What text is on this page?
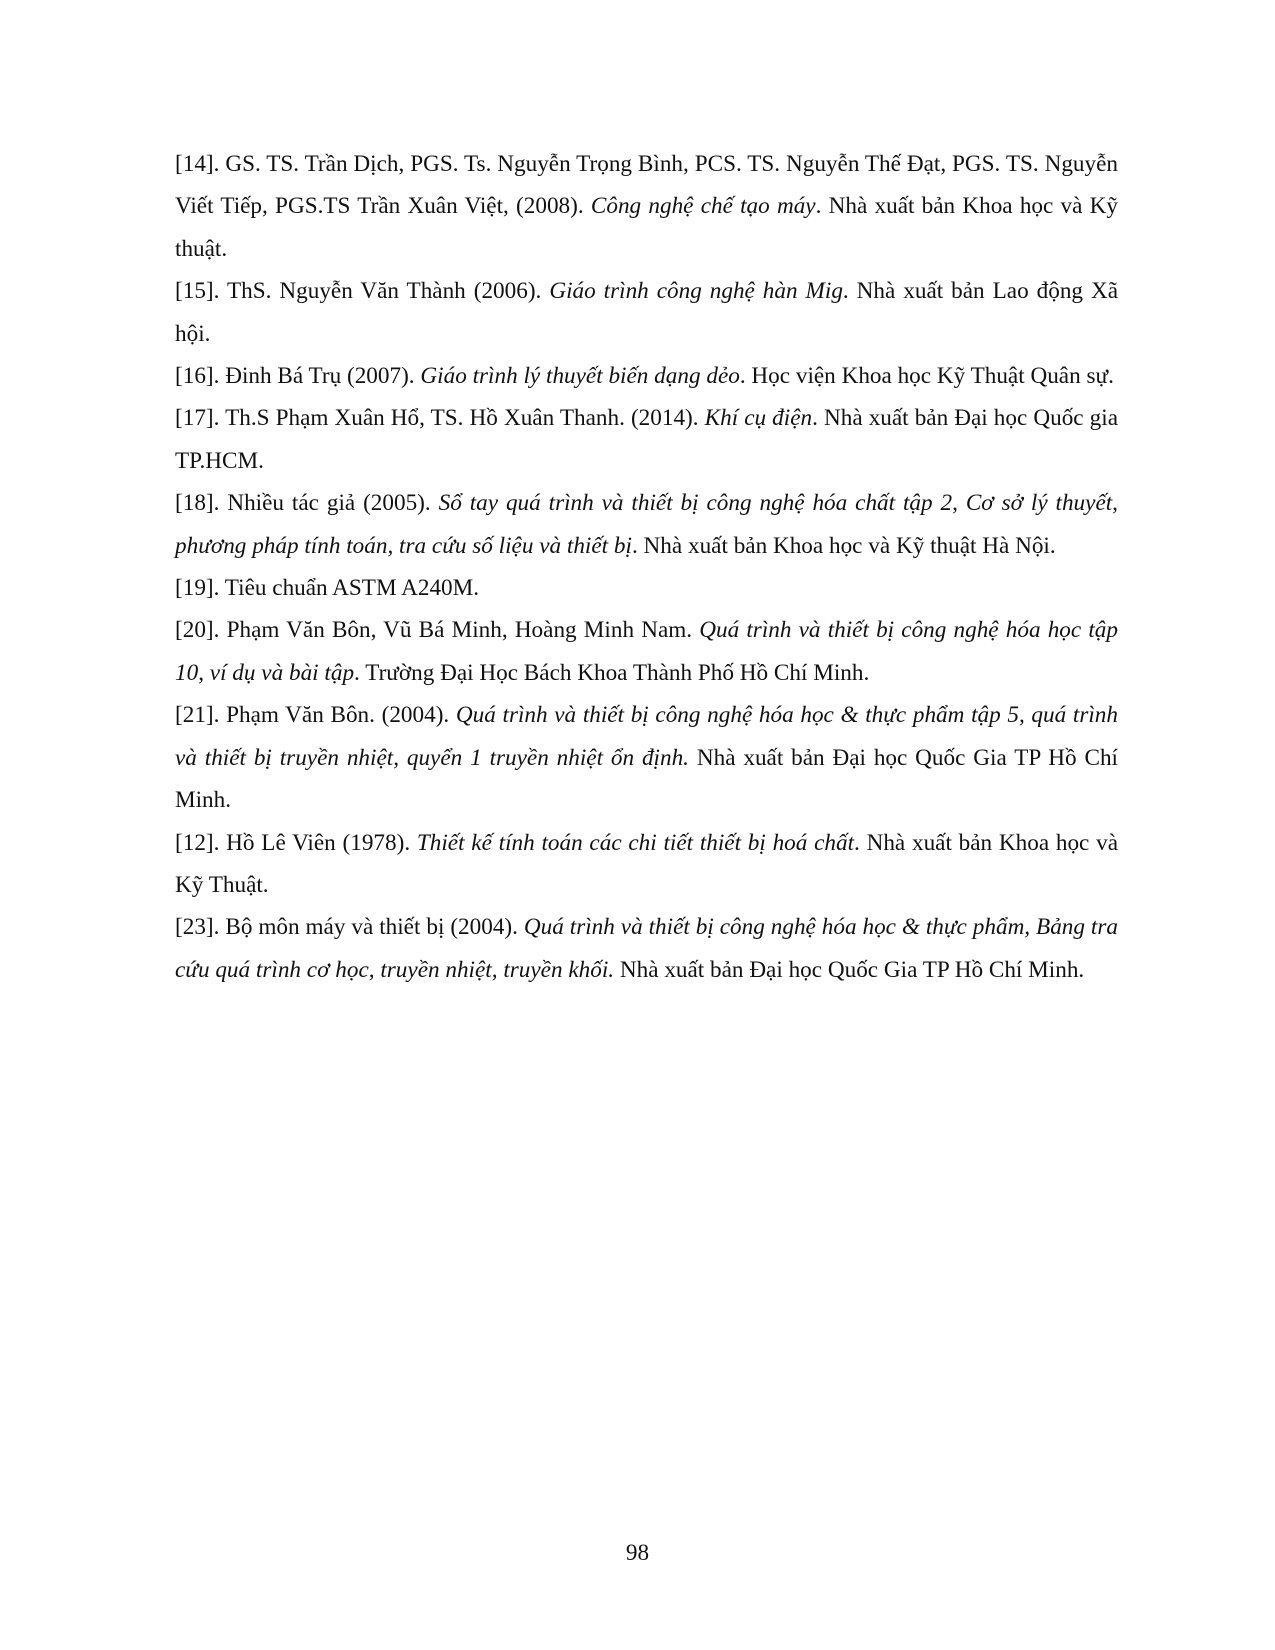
[14]. GS. TS. Trần Dịch, PGS. Ts. Nguyễn Trọng Bình, PCS. TS. Nguyễn Thế Đạt, PGS. TS. Nguyễn Viết Tiếp, PGS.TS Trần Xuân Việt, (2008). Công nghệ chế tạo máy. Nhà xuất bản Khoa học và Kỹ thuật.

[15]. ThS. Nguyễn Văn Thành (2006). Giáo trình công nghệ hàn Mig. Nhà xuất bản Lao động Xã hội.

[16]. Đinh Bá Trụ (2007). Giáo trình lý thuyết biến dạng dẻo. Học viện Khoa học Kỹ Thuật Quân sự.

[17]. Th.S Phạm Xuân Hổ, TS. Hồ Xuân Thanh. (2014). Khí cụ điện. Nhà xuất bản Đại học Quốc gia TP.HCM.

[18]. Nhiều tác giả (2005). Sổ tay quá trình và thiết bị công nghệ hóa chất tập 2, Cơ sở lý thuyết, phương pháp tính toán, tra cứu số liệu và thiết bị. Nhà xuất bản Khoa học và Kỹ thuật Hà Nội.

[19]. Tiêu chuẩn ASTM A240M.

[20]. Phạm Văn Bôn, Vũ Bá Minh, Hoàng Minh Nam. Quá trình và thiết bị công nghệ hóa học tập 10, ví dụ và bài tập. Trường Đại Học Bách Khoa Thành Phố Hồ Chí Minh.

[21]. Phạm Văn Bôn. (2004). Quá trình và thiết bị công nghệ hóa học & thực phẩm tập 5, quá trình và thiết bị truyền nhiệt, quyển 1 truyền nhiệt ổn định. Nhà xuất bản Đại học Quốc Gia TP Hồ Chí Minh.

[12]. Hồ Lê Viên (1978). Thiết kế tính toán các chi tiết thiết bị hoá chất. Nhà xuất bản Khoa học và Kỹ Thuật.

[23]. Bộ môn máy và thiết bị (2004). Quá trình và thiết bị công nghệ hóa học & thực phẩm, Bảng tra cứu quá trình cơ học, truyền nhiệt, truyền khối. Nhà xuất bản Đại học Quốc Gia TP Hồ Chí Minh.

98
